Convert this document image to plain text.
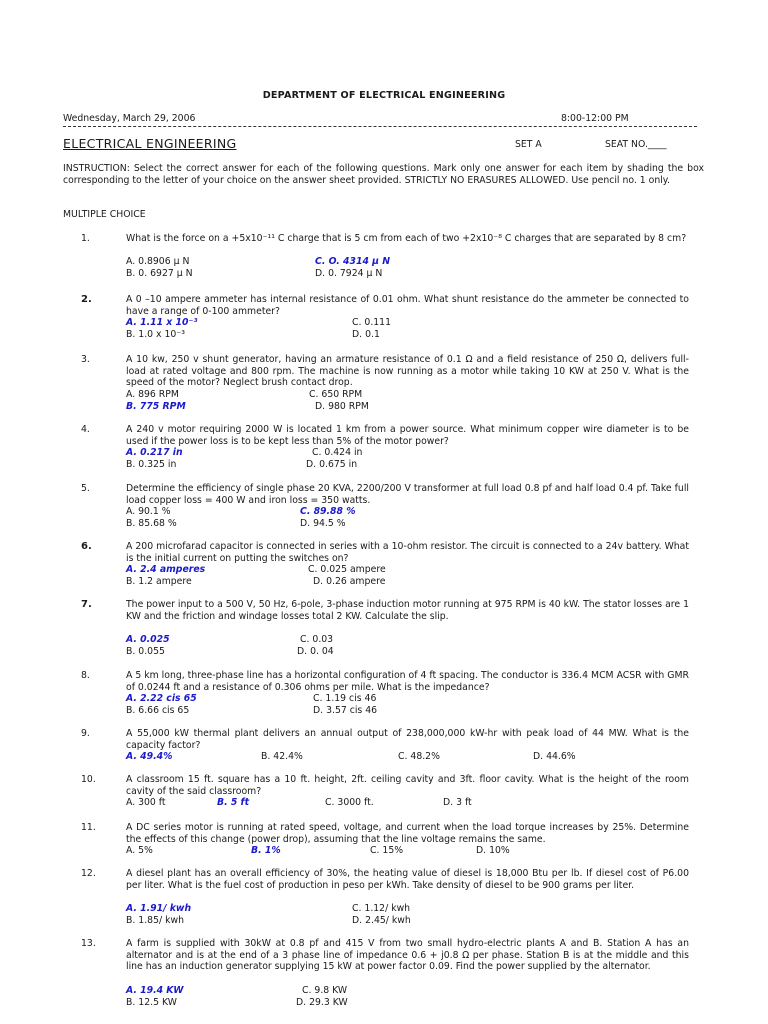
DEPARTMENT OF ELECTRICAL ENGINEERING
Wednesday, March 29, 2006	8:00-12:00 PM
ELECTRICAL ENGINEERING	SET A	SEAT NO.____
INSTRUCTION: Select the correct answer for each of the following questions. Mark only one answer for each item by shading the box corresponding to the letter of your choice on the answer sheet provided. STRICTLY NO ERASURES ALLOWED. Use pencil no. 1 only.
MULTIPLE CHOICE
1.	What is the force on a +5x10⁻¹¹ C charge that is 5 cm from each of two +2x10⁻⁸ C charges that are separated by 8 cm?
A. 0.8906 μ N	C. O. 4314 μ N
B. 0. 6927 μ N	D. 0. 7924 μ N
2.	A 0 –10 ampere ammeter has internal resistance of 0.01 ohm. What shunt resistance do the ammeter be connected to have a range of 0-100 ammeter?
A. 1.11 x 10⁻³	C. 0.111
B. 1.0 x 10⁻³	D. 0.1
3.	A 10 kw, 250 v shunt generator, having an armature resistance of 0.1 Ω and a field resistance of 250 Ω, delivers full-load at rated voltage and 800 rpm. The machine is now running as a motor while taking 10 KW at 250 V. What is the speed of the motor? Neglect brush contact drop.
A. 896 RPM	C. 650 RPM
B. 775 RPM	D. 980 RPM
4.	A 240 v motor requiring 2000 W is located 1 km from a power source. What minimum copper wire diameter is to be used if the power loss is to be kept less than 5% of the motor power?
A. 0.217 in	C. 0.424 in
B. 0.325 in	D. 0.675 in
5.	Determine the efficiency of single phase 20 KVA, 2200/200 V transformer at full load 0.8 pf and half load 0.4 pf. Take full load copper loss = 400 W and iron loss = 350 watts.
A. 90.1 %	C. 89.88 %
B. 85.68 %	D. 94.5 %
6.	A 200 microfarad capacitor is connected in series with a 10-ohm resistor. The circuit is connected to a 24v battery. What is the initial current on putting the switches on?
A. 2.4 amperes	C. 0.025 ampere
B. 1.2 ampere	D. 0.26 ampere
7.	The power input to a 500 V, 50 Hz, 6-pole, 3-phase induction motor running at 975 RPM is 40 kW. The stator losses are 1 KW and the friction and windage losses total 2 KW. Calculate the slip.
A. 0.025	C. 0.03
B. 0.055	D. 0. 04
8.	A 5 km long, three-phase line has a horizontal configuration of 4 ft spacing. The conductor is 336.4 MCM ACSR with GMR of 0.0244 ft and a resistance of 0.306 ohms per mile. What is the impedance?
A. 2.22 cis 65	C. 1.19 cis 46
B. 6.66 cis 65	D. 3.57 cis 46
9.	A 55,000 kW thermal plant delivers an annual output of 238,000,000 kW-hr with peak load of 44 MW. What is the capacity factor?
A. 49.4%	B. 42.4%	C. 48.2%	D. 44.6%
10.	A classroom 15 ft. square has a 10 ft. height, 2ft. ceiling cavity and 3ft. floor cavity. What is the height of the room cavity of the said classroom?
A. 300 ft	B. 5 ft	C. 3000 ft.	D. 3 ft
11.	A DC series motor is running at rated speed, voltage, and current when the load torque increases by 25%. Determine the effects of this change (power drop), assuming that the line voltage remains the same.
A. 5%	B. 1%	C. 15%	D. 10%
12.	A diesel plant has an overall efficiency of 30%, the heating value of diesel is 18,000 Btu per lb. If diesel cost of P6.00 per liter. What is the fuel cost of production in peso per kWh. Take density of diesel to be 900 grams per liter.
A. 1.91/ kwh	C. 1.12/ kwh
B. 1.85/ kwh	D. 2.45/ kwh
13.	A farm is supplied with 30kW at 0.8 pf and 415 V from two small hydro-electric plants A and B. Station A has an alternator and is at the end of a 3 phase line of impedance 0.6 + j0.8 Ω per phase. Station B is at the middle and this line has an induction generator supplying 15 kW at power factor 0.09. Find the power supplied by the alternator.
A. 19.4 KW	C. 9.8 KW
B. 12.5 KW	D. 29.3 KW
